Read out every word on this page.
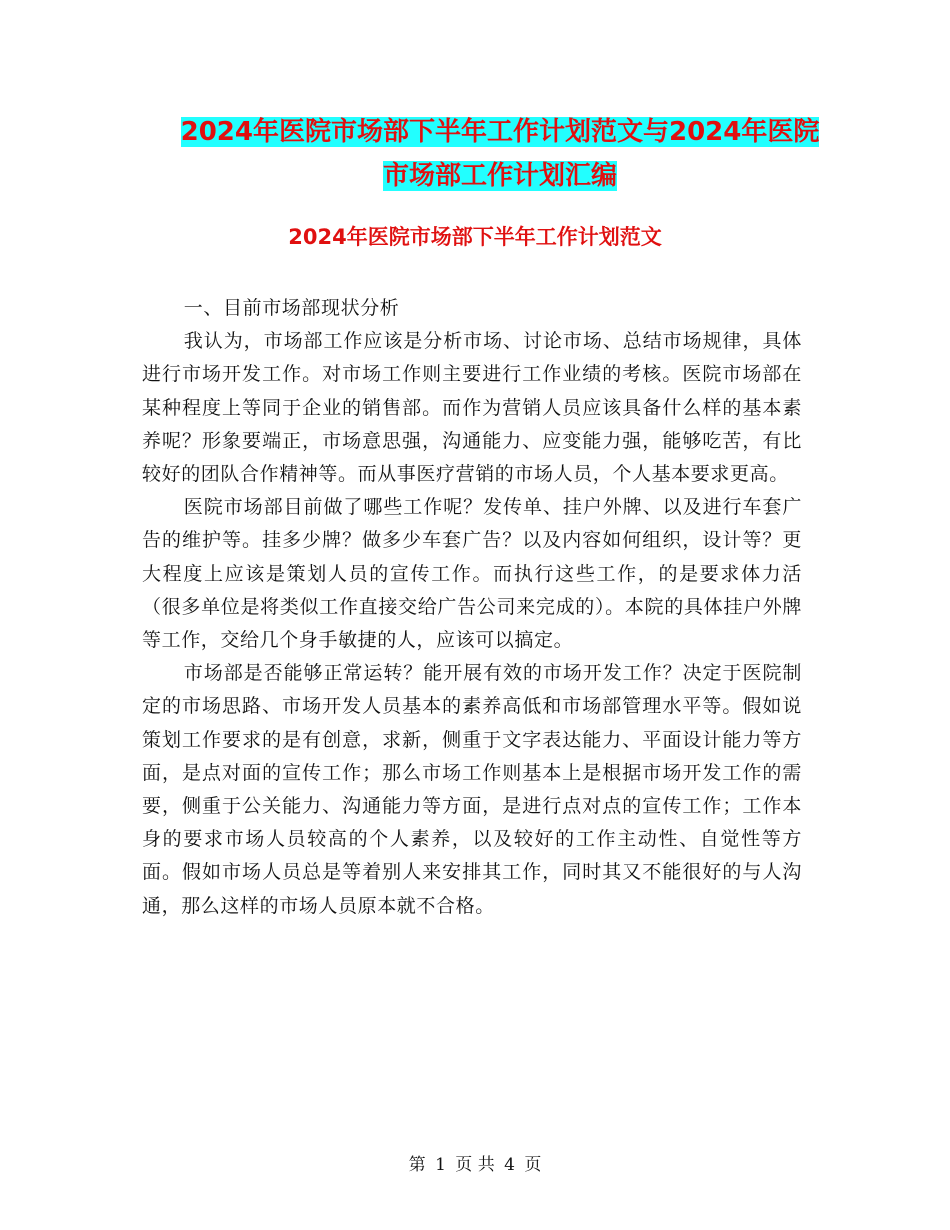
2024年医院市场部下半年工作计划范文与2024年医院
市场部工作计划汇编
2024年医院市场部下半年工作计划范文

一、目前市场部现状分析

我认为，市场部工作应该是分析市场、讨论市场、总结市场规律，具体进行市场开发工作。对市场工作则主要进行工作业绩的考核。医院市场部在某种程度上等同于企业的销售部。而作为营销人员应该具备什么样的基本素养呢？形象要端正，市场意思强，沟通能力、应变能力强，能够吃苦，有比较好的团队合作精神等。而从事医疗营销的市场人员，个人基本要求更高。

医院市场部目前做了哪些工作呢？发传单、挂户外牌、以及进行车套广告的维护等。挂多少牌？做多少车套广告？以及内容如何组织，设计等？更大程度上应该是策划人员的宣传工作。而执行这些工作，的是要求体力活（很多单位是将类似工作直接交给广告公司来完成的）。本院的具体挂户外牌等工作，交给几个身手敏捷的人，应该可以搞定。

市场部是否能够正常运转？能开展有效的市场开发工作？决定于医院制定的市场思路、市场开发人员基本的素养高低和市场部管理水平等。假如说策划工作要求的是有创意，求新，侧重于文字表达能力、平面设计能力等方面，是点对面的宣传工作；那么市场工作则基本上是根据市场开发工作的需要，侧重于公关能力、沟通能力等方面，是进行点对点的宣传工作；工作本身的要求市场人员较高的个人素养，以及较好的工作主动性、自觉性等方面。假如市场人员总是等着别人来安排其工作，同时其又不能很好的与人沟通，那么这样的市场人员原本就不合格。

第 1 页 共 4 页
